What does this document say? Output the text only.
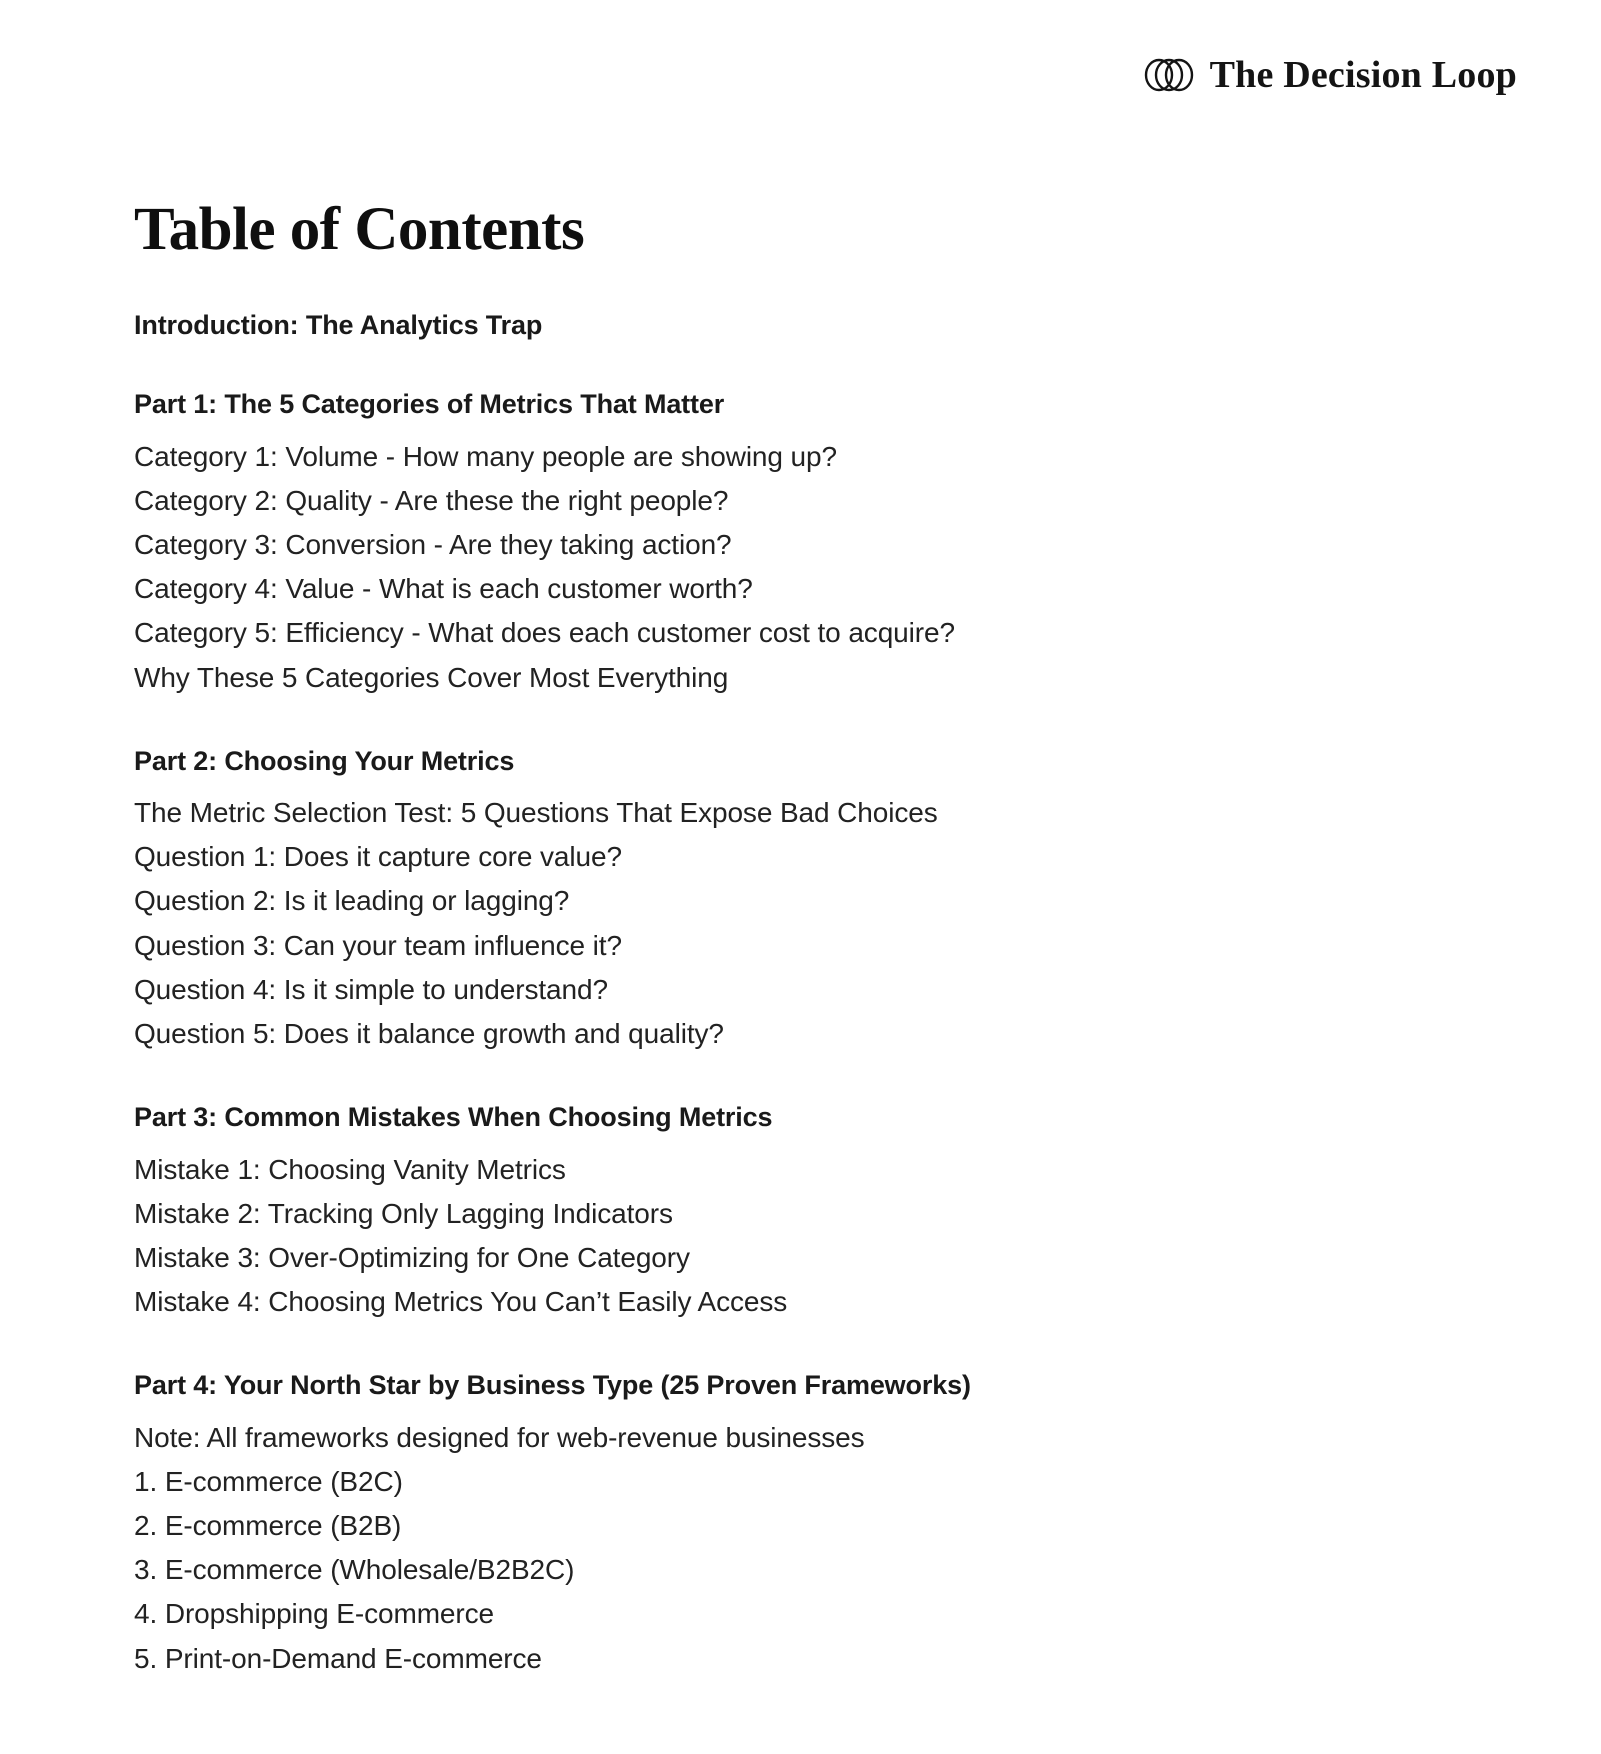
The Decision Loop
Table of Contents
Introduction: The Analytics Trap
Part 1: The 5 Categories of Metrics That Matter
Category 1: Volume - How many people are showing up?
Category 2: Quality - Are these the right people?
Category 3: Conversion - Are they taking action?
Category 4: Value - What is each customer worth?
Category 5: Efficiency - What does each customer cost to acquire?
Why These 5 Categories Cover Most Everything
Part 2: Choosing Your Metrics
The Metric Selection Test: 5 Questions That Expose Bad Choices
Question 1: Does it capture core value?
Question 2: Is it leading or lagging?
Question 3: Can your team influence it?
Question 4: Is it simple to understand?
Question 5: Does it balance growth and quality?
Part 3: Common Mistakes When Choosing Metrics
Mistake 1: Choosing Vanity Metrics
Mistake 2: Tracking Only Lagging Indicators
Mistake 3: Over-Optimizing for One Category
Mistake 4: Choosing Metrics You Can’t Easily Access
Part 4: Your North Star by Business Type (25 Proven Frameworks)
Note: All frameworks designed for web-revenue businesses
1. E-commerce (B2C)
2. E-commerce (B2B)
3. E-commerce (Wholesale/B2B2C)
4. Dropshipping E-commerce
5. Print-on-Demand E-commerce
